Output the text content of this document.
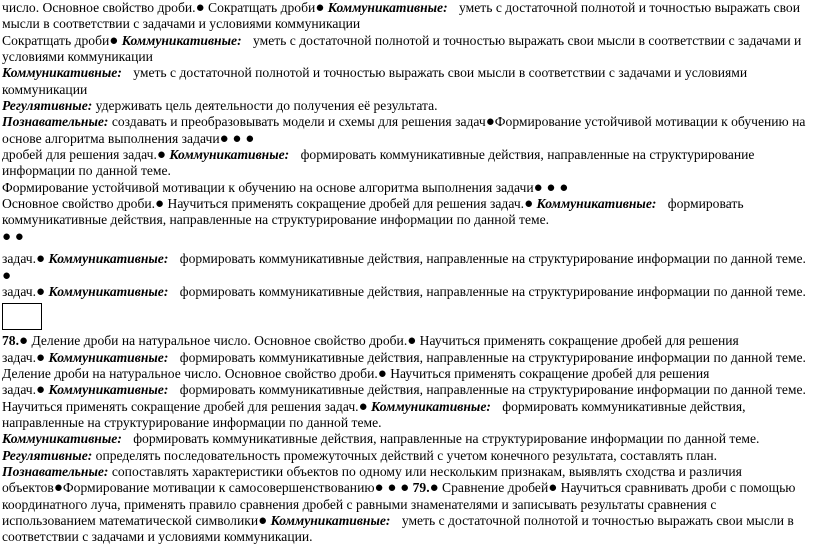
число. Основное свойство дроби.● Сократщать дроби● Коммуникативные: уметь с достаточной полнотой и точностью выражать свои мысли в соответствии с задачами и условиями коммуникации

Сократщать дроби● Коммуникативные: уметь с достаточной полнотой и точностью выражать свои мысли в соответствии с задачами и условиями коммуникации

Коммуникативные: уметь с достаточной полнотой и точностью выражать свои мысли в соответствии с задачами и условиями коммуникации

Регулятивные: удерживать цель деятельности до получения её результата.

Познавательные: создавать и преобразовывать модели и схемы для решения задач●Формирование устойчивой мотивации к обучению на основе алгоритма выполнения задачи● ● ●

дробей для решения задач.● Коммуникативные: формировать коммуникативные действия, направленные на структурирование информации по данной теме.

Формирование устойчивой мотивации к обучению на основе алгоритма выполнения задачи● ● ●

Основное свойство дроби.● Научиться применять сокращение дробей для решения задач.● Коммуникативные: формировать коммуникативные действия, направленные на структурирование информации по данной теме.

● ●

задач.● Коммуникативные: формировать коммуникативные действия, направленные на структурирование информации по данной теме.

●

задач.● Коммуникативные: формировать коммуникативные действия, направленные на структурирование информации по данной теме.

78.● Деление дроби на натуральное число. Основное свойство дроби.● Научиться применять сокращение дробей для решения

задач.● Коммуникативные: формировать коммуникативные действия, направленные на структурирование информации по данной теме.

Деление дроби на натуральное число. Основное свойство дроби.● Научиться применять сокращение дробей для решения

задач.● Коммуникативные: формировать коммуникативные действия, направленные на структурирование информации по данной теме.

Научиться применять сокращение дробей для решения задач.● Коммуникативные: формировать коммуникативные действия, направленные на структурирование информации по данной теме.

Коммуникативные: формировать коммуникативные действия, направленные на структурирование информации по данной теме.

Регулятивные: определять последовательность промежуточных действий с учетом конечного результата, составлять план.

Познавательные: сопоставлять характеристики объектов по одному или нескольким признакам, выявлять сходства и различия объектов●Формирование мотивации к самосовершенствованию● ● ● 79.● Сравнение дробей● Научиться сравнивать дроби с помощью координатного луча, применять правило сравнения дробей с равными знаменателями и записывать результаты сравнения с использованием математической символики● Коммуникативные: уметь с достаточной полнотой и точностью выражать свои мысли в соответствии с задачами и условиями коммуникации.
